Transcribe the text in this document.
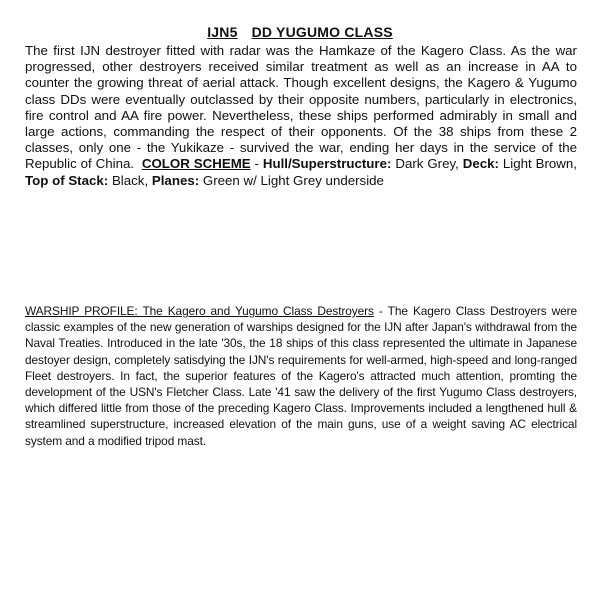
IJN5 DD YUGUMO CLASS
The first IJN destroyer fitted with radar was the Hamkaze of the Kagero Class. As the war progressed, other destroyers received similar treatment as well as an increase in AA to counter the growing threat of aerial attack. Though excellent designs, the Kagero & Yugumo class DDs were eventually outclassed by their opposite numbers, particularly in electronics, fire control and AA fire power. Nevertheless, these ships performed admirably in small and large actions, commanding the respect of their opponents. Of the 38 ships from these 2 classes, only one - the Yukikaze - survived the war, ending her days in the service of the Republic of China. COLOR SCHEME - Hull/Superstructure: Dark Grey, Deck: Light Brown, Top of Stack: Black, Planes: Green w/ Light Grey underside
WARSHIP PROFILE: The Kagero and Yugumo Class Destroyers - The Kagero Class Destroyers were classic examples of the new generation of warships designed for the IJN after Japan's withdrawal from the Naval Treaties. Introduced in the late '30s, the 18 ships of this class represented the ultimate in Japanese destoyer design, completely satisdying the IJN's requirements for well-armed, high-speed and long-ranged Fleet destroyers. In fact, the superior features of the Kagero's attracted much attention, promting the development of the USN's Fletcher Class. Late '41 saw the delivery of the first Yugumo Class destroyers, which differed little from those of the preceding Kagero Class. Improvements included a lengthened hull & streamlined superstructure, increased elevation of the main guns, use of a weight saving AC electrical system and a modified tripod mast.
